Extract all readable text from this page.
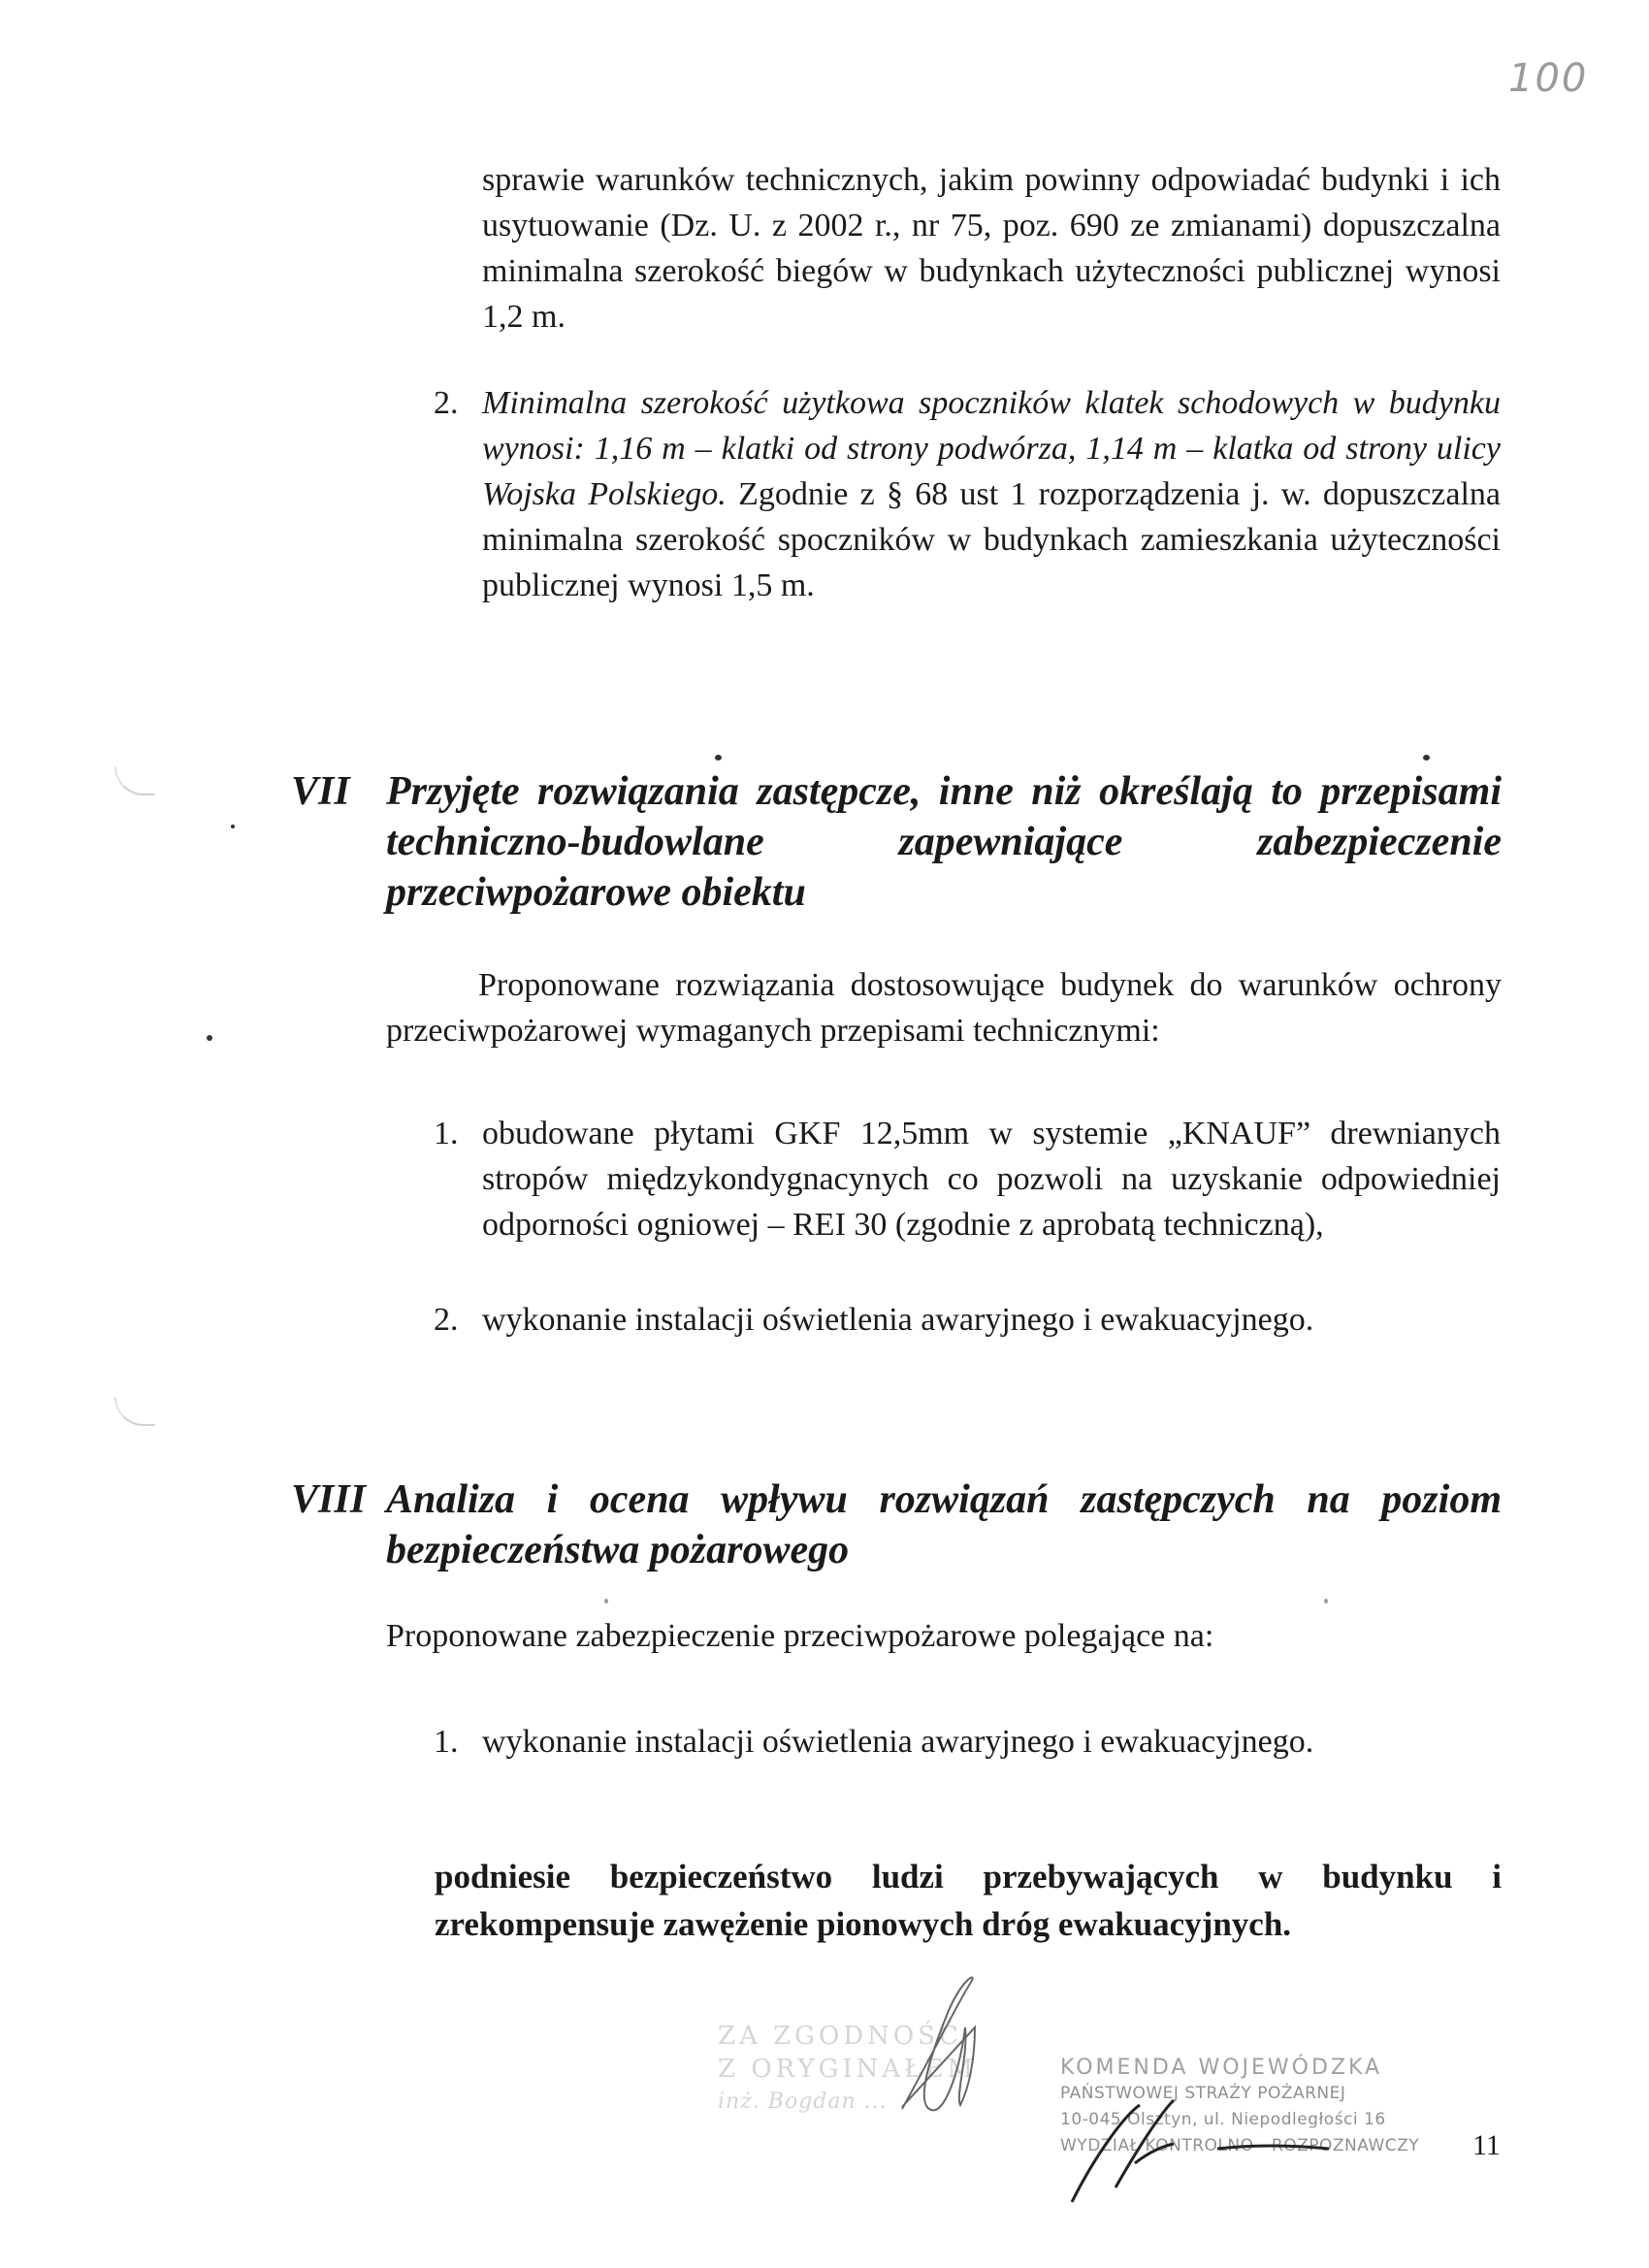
100
sprawie warunków technicznych, jakim powinny odpowiadać budynki i ich usytuowanie (Dz. U. z 2002 r., nr 75, poz. 690 ze zmianami) dopuszczalna minimalna szerokość biegów w budynkach użyteczności publicznej wynosi 1,2 m.
2. Minimalna szerokość użytkowa spoczników klatek schodowych w budynku wynosi: 1,16 m – klatki od strony podwórza, 1,14 m – klatka od strony ulicy Wojska Polskiego. Zgodnie z § 68 ust 1 rozporządzenia j. w. dopuszczalna minimalna szerokość spoczników w budynkach zamieszkania użyteczności publicznej wynosi 1,5 m.
VII Przyjęte rozwiązania zastępcze, inne niż określają to przepisami techniczno-budowlane zapewniające zabezpieczenie przeciwpożarowe obiektu
Proponowane rozwiązania dostosowujące budynek do warunków ochrony przeciwpożarowej wymaganych przepisami technicznymi:
1. obudowane płytami GKF 12,5mm w systemie „KNAUF” drewnianych stropów międzykondygnacynych co pozwoli na uzyskanie odpowiedniej odporności ogniowej – REI 30 (zgodnie z aprobatą techniczną),
2. wykonanie instalacji oświetlenia awaryjnego i ewakuacyjnego.
VIII Analiza i ocena wpływu rozwiązań zastępczych na poziom bezpieczeństwa pożarowego
Proponowane zabezpieczenie przeciwpożarowe polegające na:
1. wykonanie instalacji oświetlenia awaryjnego i ewakuacyjnego.
podniesie bezpieczeństwo ludzi przebywających w budynku i zrekompensuje zawężenie pionowych dróg ewakuacyjnych.
ZA ZGODNOŚĆ
Z ORYGINAŁEM
inż. Bogdan ...
KOMENDA WOJEWÓDZKA
PAŃSTWOWEJ STRAŻY POŻARNEJ
10-045 Olsztyn, ul. Niepodległości 16
WYDZIAŁ KONTROLNO - ROZPOZNAWCZY	11
